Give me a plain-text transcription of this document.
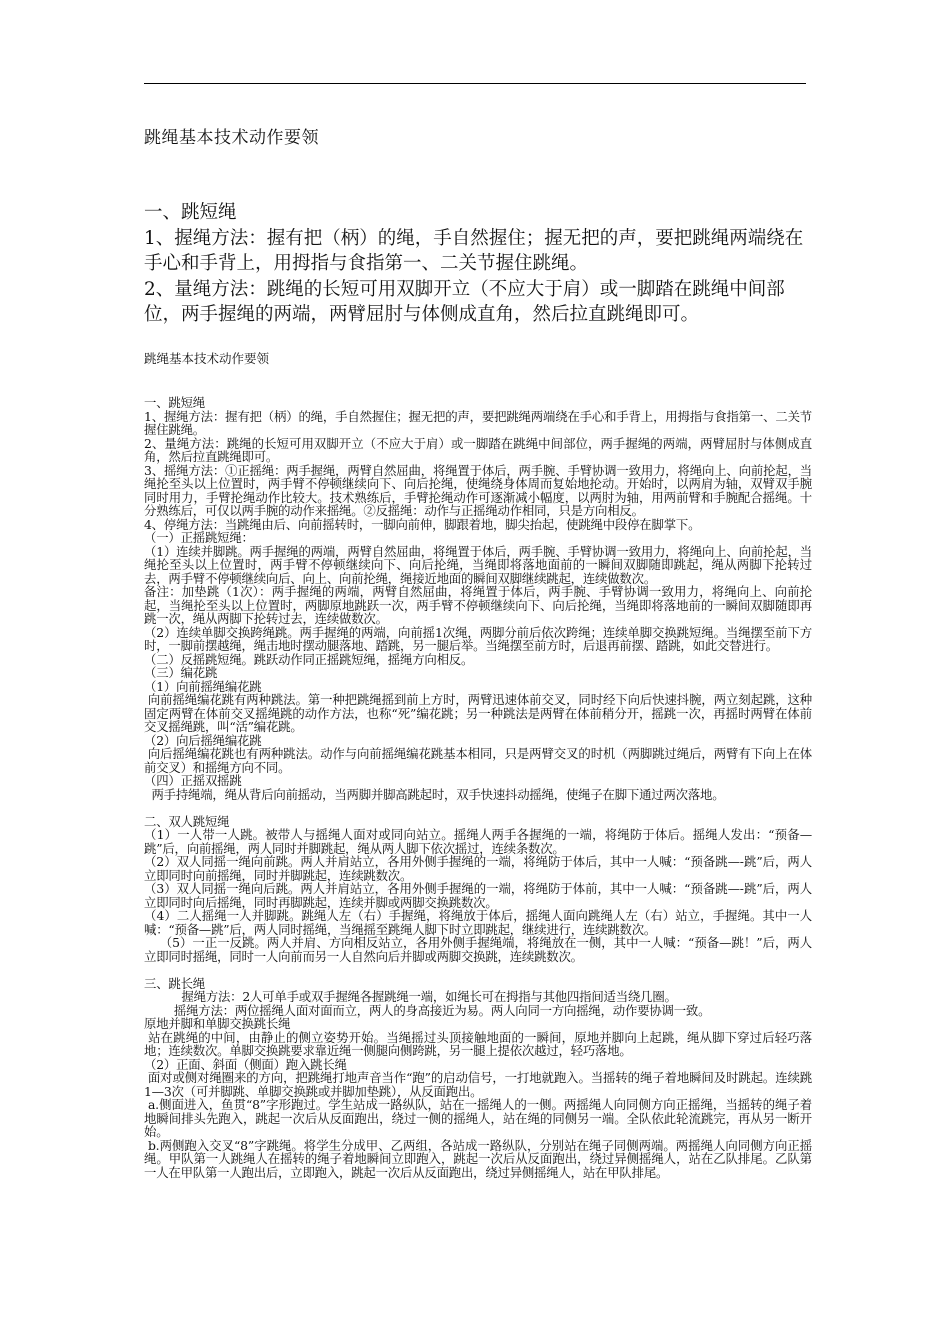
跳绳基本技术动作要领

一、跳短绳

1、握绳方法：握有把（柄）的绳，手自然握住；握无把的声，要把跳绳两端绕在手心和手背上，用拇指与食指第一、二关节握住跳绳。

2、量绳方法：跳绳的长短可用双脚开立（不应大于肩）或一脚踏在跳绳中间部位，两手握绳的两端，两臂屈肘与体侧成直角，然后拉直跳绳即可。

跳绳基本技术动作要领

一、跳短绳

1、握绳方法：握有把（柄）的绳，手自然握住；握无把的声，要把跳绳两端绕在手心和手背上，用拇指与食指第一、二关节握住跳绳。

2、量绳方法：跳绳的长短可用双脚开立（不应大于肩）或一脚踏在跳绳中间部位，两手握绳的两端，两臂屈肘与体侧成直角，然后拉直跳绳即可。

3、摇绳方法：①正摇绳：两手握绳，两臂自然屈曲，将绳置于体后，两手腕、手臂协调一致用力，将绳向上、向前抡起，当绳抡至头以上位置时，两手臂不停顿继续向下、向后抡绳，使绳绕身体周而复始地抡动。开始时，以两肩为轴，双臂双手腕同时用力，手臂抡绳动作比较大。技术熟练后，手臂抡绳动作可逐渐减小幅度，以两肘为轴，用两前臂和手腕配合摇绳。十分熟练后，可仅以两手腕的动作来摇绳。②反摇绳：动作与正摇绳动作相同，只是方向相反。

4、停绳方法：当跳绳由后、向前摇转时，一脚向前伸，脚跟着地，脚尖抬起，使跳绳中段停在脚掌下。

（一）正摇跳短绳：

（1）连续并脚跳。两手握绳的两端，两臂自然屈曲，将绳置于体后，两手腕、手臂协调一致用力，将绳向上、向前抡起，当绳抡至头以上位置时，两手臂不停顿继续向下、向后抡绳，当绳即将落地面前的一瞬间双脚随即跳起，绳从两脚下抡转过去，两手臂不停顿继续向后、向上、向前抡绳，绳接近地面的瞬间双脚继续跳起，连续做数次。

备注：加垫跳（1次）：两手握绳的两端，两臂自然屈曲，将绳置于体后，两手腕、手臂协调一致用力，将绳向上、向前抡起，当绳抡至头以上位置时，两脚原地跳跃一次，两手臂不停顿继续向下、向后抡绳，当绳即将落地前的一瞬间双脚随即再跳一次，绳从两脚下抡转过去，连续做数次。

（2）连续单脚交换跨绳跳。两手握绳的两端，向前摇1次绳，两脚分前后依次跨绳；连续单脚交换跳短绳。当绳摆至前下方时，一脚前摆越绳，绳击地时摆动腿落地、踏跳，另一腿后举。当绳摆至前方时，后退再前摆、踏跳，如此交替进行。

（二）反摇跳短绳。跳跃动作同正摇跳短绳，摇绳方向相反。

（三）编花跳

（1）向前摇绳编花跳

向前摇绳编花跳有两种跳法。第一种把跳绳摇到前上方时，两臂迅速体前交叉，同时经下向后快速抖腕，两立刻起跳，这种固定两臂在体前交叉摇绳跳的动作方法，也称“死”编花跳；另一种跳法是两臂在体前稍分开，摇跳一次，再摇时两臂在体前交叉摇绳跳，叫“活”编花跳。

（2）向后摇绳编花跳

向后摇绳编花跳也有两种跳法。动作与向前摇绳编花跳基本相同，只是两臂交叉的时机（两脚跳过绳后，两臂有下向上在体前交叉）和摇绳方向不同。

（四）正摇双摇跳

两手持绳端，绳从背后向前摇动，当两脚并脚高跳起时，双手快速抖动摇绳，使绳子在脚下通过两次落地。

二、双人跳短绳

（1）一人带一人跳。被带人与摇绳人面对或同向站立。摇绳人两手各握绳的一端，将绳防于体后。摇绳人发出：“预备—跳”后，向前摇绳，两人同时并脚跳起，绳从两人脚下依次摇过，连续条数次。

（2）双人同摇一绳向前跳。两人并肩站立，各用外侧手握绳的一端，将绳防于体后，其中一人喊：“预备跳—-跳”后，两人立即同时向前摇绳，同时并脚跳起，连续跳数次。

（3）双人同摇一绳向后跳。两人并肩站立，各用外侧手握绳的一端，将绳防于体前，其中一人喊：“预备跳—-跳”后，两人立即同时向后摇绳，同时再脚跳起，连续并脚或两脚交换跳数次。

（4）二人摇绳一人并脚跳。跳绳人左（右）手握绳，将绳放于体后，摇绳人面向跳绳人左（右）站立，手握绳。其中一人喊：“预备—跳”后，两人同时摇绳，当绳摇至跳绳人脚下时立即跳起，继续进行，连续跳数次。

（5）一正一反跳。两人并肩、方向相反站立，各用外侧手握绳端，将绳放在一侧，其中一人喊：“预备—跳！”后，两人立即同时摇绳，同时一人向前而另一人自然向后并脚或两脚交换跳，连续跳数次。

三、跳长绳

握绳方法：2人可单手或双手握绳各握跳绳一端，如绳长可在拇指与其他四指间适当绕几圈。

摇绳方法：两位摇绳人面对面而立，两人的身高接近为易。两人向同一方向摇绳，动作要协调一致。

原地并脚和单脚交换跳长绳

站在跳绳的中间，由静止的侧立姿势开始。当绳摇过头顶接触地面的一瞬间，原地并脚向上起跳，绳从脚下穿过后轻巧落地；连续数次。单脚交换跳要求靠近绳一侧腿向侧跨跳，另一腿上提依次越过，轻巧落地。

（2）正面、斜面（侧面）跑入跳长绳

面对或侧对绳圈来的方向，把跳绳打地声音当作“跑”的启动信号，一打地就跑入。当摇转的绳子着地瞬间及时跳起。连续跳1—3次（可并脚跳、单脚交换跳或并脚加垫跳），从反面跑出。

a.侧面进入，鱼贯“8”字形跑过。学生站成一路纵队，站在一摇绳人的一侧。两摇绳人向同侧方向正摇绳，当摇转的绳子着地瞬间排头先跑入，跳起一次后从反面跑出，绕过一侧的摇绳人，站在绳的同侧另一端。全队依此轮流跳完，再从另一断开始。

b.两侧跑入交叉“8”字跳绳。将学生分成甲、乙两组，各站成一路纵队，分别站在绳子同侧两端。两摇绳人向同侧方向正摇绳。甲队第一人跳绳人在摇转的绳子着地瞬间立即跑入，跳起一次后从反面跑出，绕过异侧摇绳人，站在乙队排尾。乙队第一人在甲队第一人跑出后，立即跑入，跳起一次后从反面跑出，绕过异侧摇绳人，站在甲队排尾。
